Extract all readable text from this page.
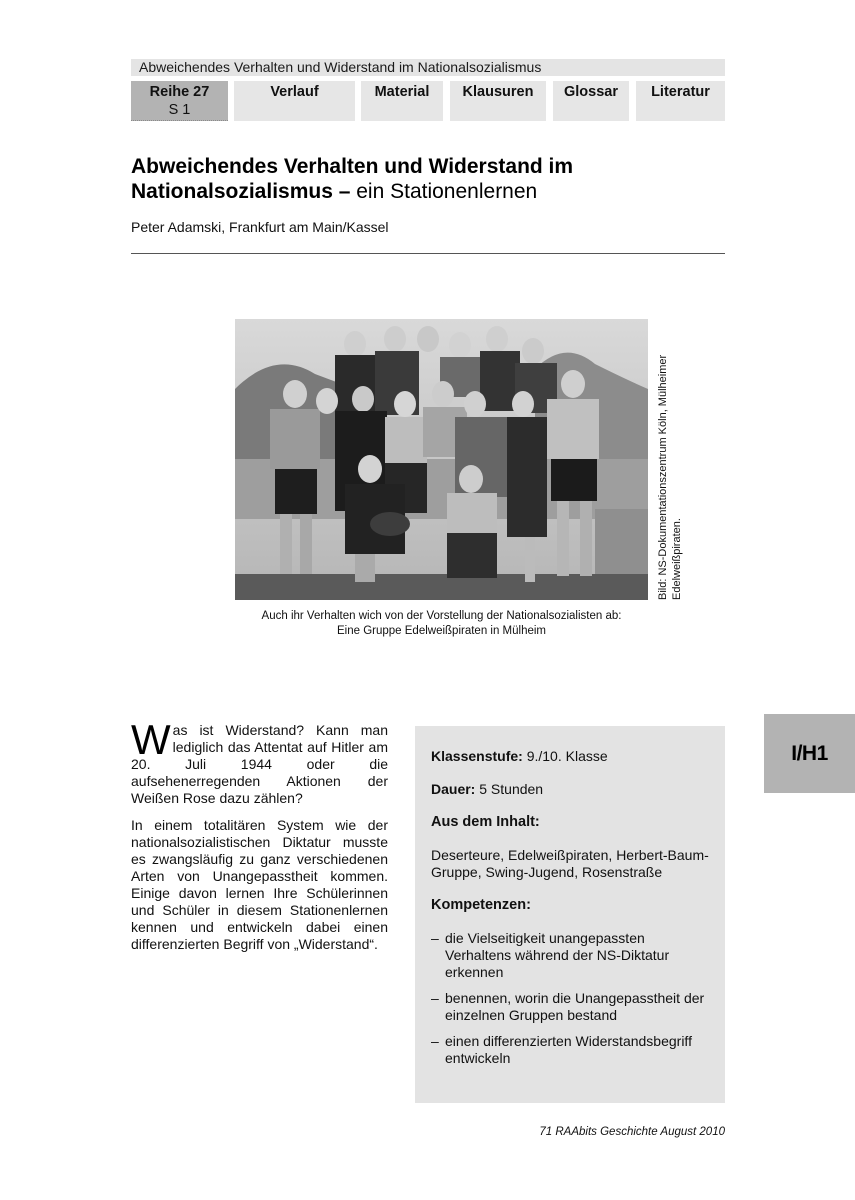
Abweichendes Verhalten und Widerstand im Nationalsozialismus
Reihe 27
S 1
Verlauf	Material	Klausuren	Glossar	Literatur
Abweichendes Verhalten und Widerstand im
Nationalsozialismus – ein Stationenlernen
Peter Adamski, Frankfurt am Main/Kassel
Bild: NS-Dokumentationszentrum Köln, Mülheimer Edelweißpiraten.
Auch ihr Verhalten wich von der Vorstellung der Nationalsozialisten ab:
Eine Gruppe Edelweißpiraten in Mülheim

Was ist Widerstand? Kann man lediglich das Attentat auf Hitler am 20. Juli 1944 oder die aufsehenerregenden Aktionen der Weißen Rose dazu zählen?

In einem totalitären System wie der nationalsozialistischen Diktatur musste es zwangsläufig zu ganz verschiedenen Arten von Unangepasstheit kommen. Einige davon lernen Ihre Schülerinnen und Schüler in diesem Stationenlernen kennen und entwickeln dabei einen differenzierten Begriff von „Widerstand“.

Klassenstufe: 9./10. Klasse
Dauer: 5 Stunden
Aus dem Inhalt:
Deserteure, Edelweißpiraten, Herbert-Baum-Gruppe, Swing-Jugend, Rosenstraße
Kompetenzen:
– die Vielseitigkeit unangepassten Verhaltens während der NS-Diktatur erkennen
– benennen, worin die Unangepasstheit der einzelnen Gruppen bestand
– einen differenzierten Widerstandsbegriff entwickeln
I/H1
71 RAAbits Geschichte August 2010
